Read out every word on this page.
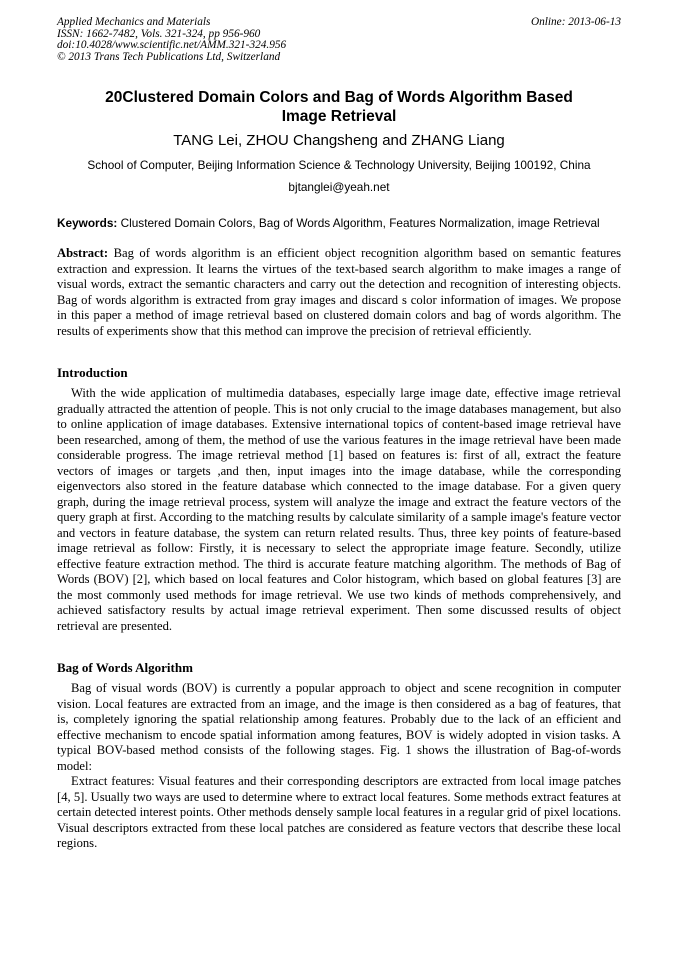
Applied Mechanics and Materials
ISSN: 1662-7482, Vols. 321-324, pp 956-960
doi:10.4028/www.scientific.net/AMM.321-324.956
© 2013 Trans Tech Publications Ltd, Switzerland
Online: 2013-06-13
20Clustered Domain Colors and Bag of Words Algorithm Based Image Retrieval
TANG Lei, ZHOU Changsheng and ZHANG Liang
School of Computer, Beijing Information Science & Technology University, Beijing 100192, China
bjtanglei@yeah.net

Keywords: Clustered Domain Colors, Bag of Words Algorithm, Features Normalization, image Retrieval

Abstract: Bag of words algorithm is an efficient object recognition algorithm based on semantic features extraction and expression. It learns the virtues of the text-based search algorithm to make images a range of visual words, extract the semantic characters and carry out the detection and recognition of interesting objects. Bag of words algorithm is extracted from gray images and discard s color information of images. We propose in this paper a method of image retrieval based on clustered domain colors and bag of words algorithm. The results of experiments show that this method can improve the precision of retrieval efficiently.

Introduction

With the wide application of multimedia databases, especially large image date, effective image retrieval gradually attracted the attention of people. This is not only crucial to the image databases management, but also to online application of image databases. Extensive international topics of content-based image retrieval have been researched, among of them, the method of use the various features in the image retrieval have been made considerable progress. The image retrieval method [1] based on features is: first of all, extract the feature vectors of images or targets ,and then, input images into the image database, while the corresponding eigenvectors also stored in the feature database which connected to the image database. For a given query graph, during the image retrieval process, system will analyze the image and extract the feature vectors of the query graph at first. According to the matching results by calculate similarity of a sample image's feature vector and vectors in feature database, the system can return related results. Thus, three key points of feature-based image retrieval as follow: Firstly, it is necessary to select the appropriate image feature. Secondly, utilize effective feature extraction method. The third is accurate feature matching algorithm. The methods of Bag of Words (BOV) [2], which based on local features and Color histogram, which based on global features [3] are the most commonly used methods for image retrieval. We use two kinds of methods comprehensively, and achieved satisfactory results by actual image retrieval experiment. Then some discussed results of object retrieval are presented.

Bag of Words Algorithm

Bag of visual words (BOV) is currently a popular approach to object and scene recognition in computer vision. Local features are extracted from an image, and the image is then considered as a bag of features, that is, completely ignoring the spatial relationship among features. Probably due to the lack of an efficient and effective mechanism to encode spatial information among features, BOV is widely adopted in vision tasks. A typical BOV-based method consists of the following stages. Fig. 1 shows the illustration of Bag-of-words model:

Extract features: Visual features and their corresponding descriptors are extracted from local image patches [4, 5]. Usually two ways are used to determine where to extract local features. Some methods extract features at certain detected interest points. Other methods densely sample local features in a regular grid of pixel locations. Visual descriptors extracted from these local patches are considered as feature vectors that describe these local regions.
